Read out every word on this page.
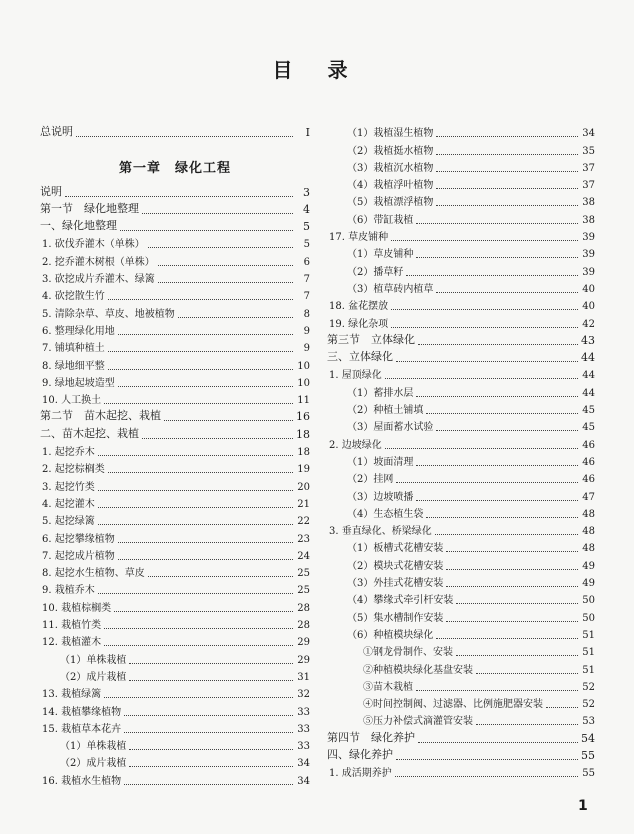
目 录
总说明	I
第一章　绿化工程
说明	3
第一节　绿化地整理	4
一、绿化地整理	5
1. 砍伐乔灌木（单株）	5
2. 挖乔灌木树根（单株）	6
3. 砍挖成片乔灌木、绿篱	7
4. 砍挖散生竹	7
5. 清除杂草、草皮、地被植物	8
6. 整理绿化用地	9
7. 铺填种植土	9
8. 绿地细平整	10
9. 绿地起坡造型	10
10. 人工换土	11
第二节　苗木起挖、栽植	16
二、苗木起挖、栽植	18
1. 起挖乔木	18
2. 起挖棕榈类	19
3. 起挖竹类	20
4. 起挖灌木	21
5. 起挖绿篱	22
6. 起挖攀缘植物	23
7. 起挖成片植物	24
8. 起挖水生植物、草皮	25
9. 栽植乔木	25
10. 栽植棕榈类	28
11. 栽植竹类	28
12. 栽植灌木	29
（1）单株栽植	29
（2）成片栽植	31
13. 栽植绿篱	32
14. 栽植攀缘植物	33
15. 栽植草本花卉	33
（1）单株栽植	33
（2）成片栽植	34
16. 栽植水生植物	34
（1）栽植湿生植物	34
（2）栽植挺水植物	35
（3）栽植沉水植物	37
（4）栽植浮叶植物	37
（5）栽植漂浮植物	38
（6）带缸栽植	38
17. 草皮铺种	39
（1）草皮铺种	39
（2）播草籽	39
（3）植草砖内植草	40
18. 盆花摆放	40
19. 绿化杂项	42
第三节　立体绿化	43
三、立体绿化	44
1. 屋顶绿化	44
（1）蓄排水层	44
（2）种植土铺填	45
（3）屋面蓄水试验	45
2. 边坡绿化	46
（1）坡面清理	46
（2）挂网	46
（3）边坡喷播	47
（4）生态植生袋	48
3. 垂直绿化、桥梁绿化	48
（1）板槽式花槽安装	48
（2）模块式花槽安装	49
（3）外挂式花槽安装	49
（4）攀缘式牵引杆安装	50
（5）集水槽制作安装	50
（6）种植模块绿化	51
①钢龙骨制作、安装	51
②种植模块绿化基盘安装	51
③苗木栽植	52
④时间控制阀、过滤器、比例施肥器安装	52
⑤压力补偿式滴灌管安装	53
第四节　绿化养护	54
四、绿化养护	55
1. 成活期养护	55
1
